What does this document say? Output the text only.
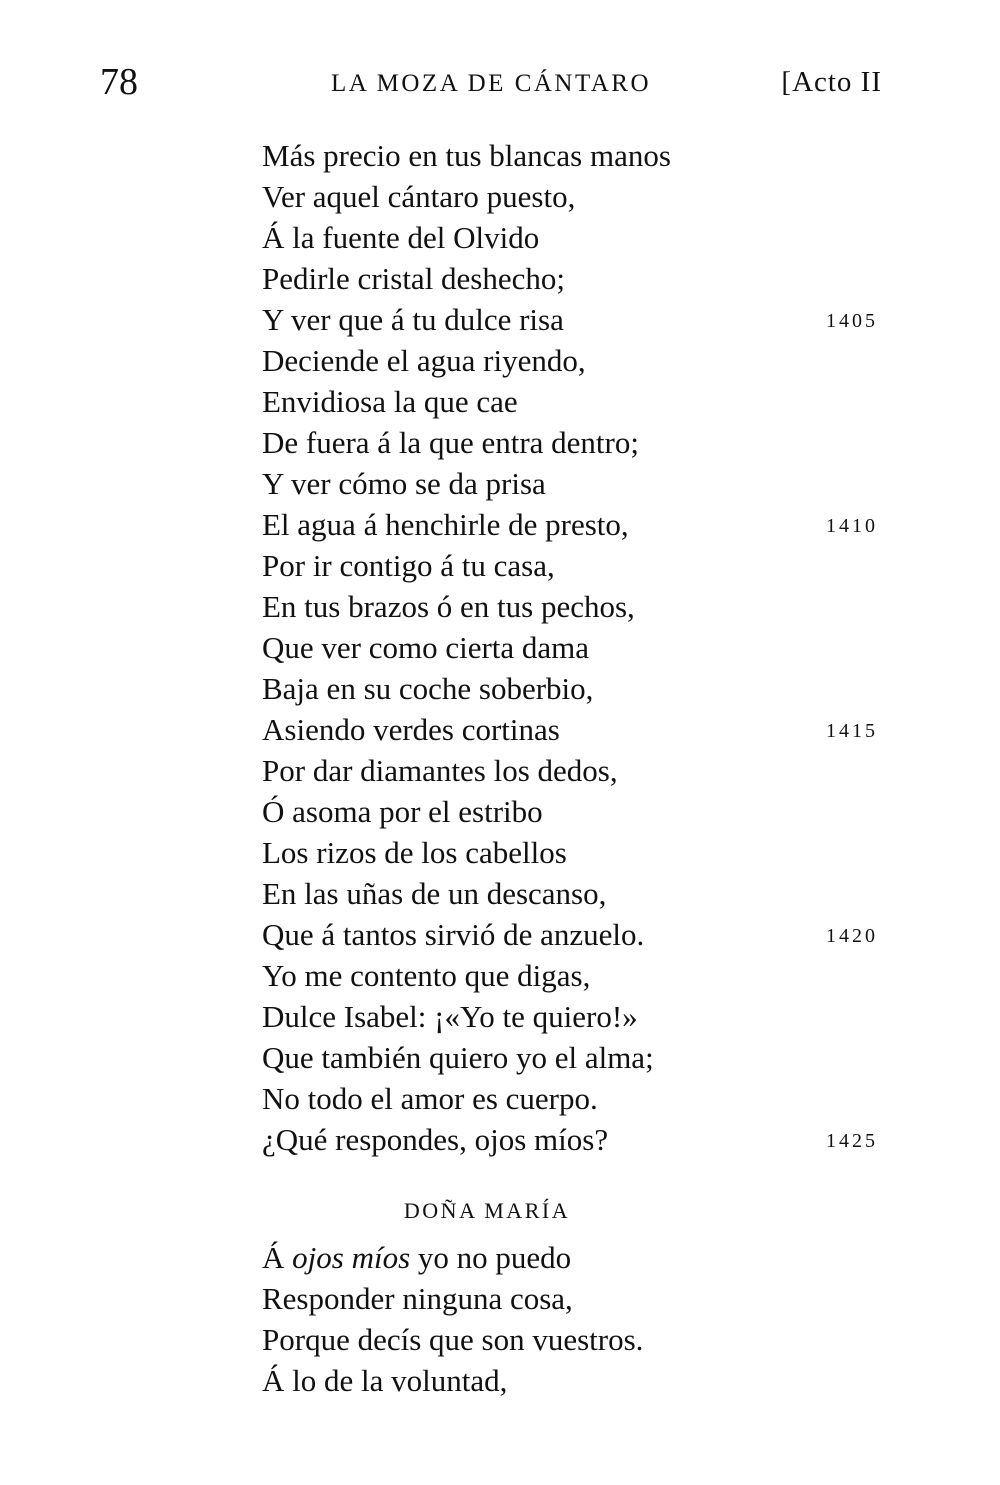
78	LA MOZA DE CÁNTARO	[Acto II
Más precio en tus blancas manos
Ver aquel cántaro puesto,
Á la fuente del Olvido
Pedirle cristal deshecho;
Y ver que á tu dulce risa	1405
Deciende el agua riyendo,
Envidiosa la que cae
De fuera á la que entra dentro;
Y ver cómo se da prisa
El agua á henchirle de presto,	1410
Por ir contigo á tu casa,
En tus brazos ó en tus pechos,
Que ver como cierta dama
Baja en su coche soberbio,
Asiendo verdes cortinas	1415
Por dar diamantes los dedos,
Ó asoma por el estribo
Los rizos de los cabellos
En las uñas de un descanso,
Que á tantos sirvió de anzuelo.	1420
Yo me contento que digas,
Dulce Isabel: ¡«Yo te quiero!»
Que también quiero yo el alma;
No todo el amor es cuerpo.
¿Qué respondes, ojos míos?	1425
DOÑA MARÍA
Á ojos míos yo no puedo
Responder ninguna cosa,
Porque decís que son vuestros.
Á lo de la voluntad,
